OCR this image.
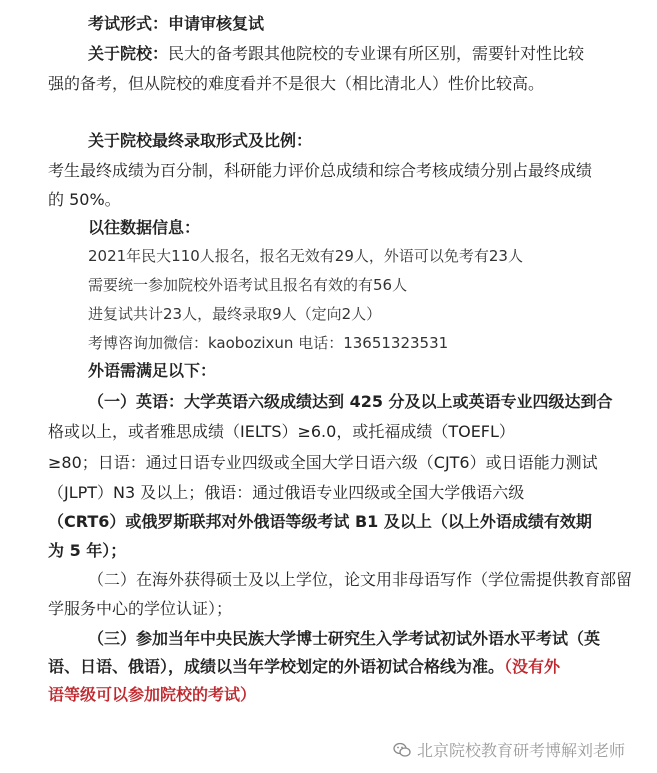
考试形式：申请审核复试
关于院校：民大的备考跟其他院校的专业课有所区别，需要针对性比较
强的备考，但从院校的难度看并不是很大（相比清北人）性价比较高。
关于院校最终录取形式及比例：
考生最终成绩为百分制，科研能力评价总成绩和综合考核成绩分别占最终成绩
的 50%。
以往数据信息：
2021年民大110人报名，报名无效有29人，外语可以免考有23人
需要统一参加院校外语考试且报名有效的有56人
进复试共计23人，最终录取9人（定向2人）
考博咨询加微信：kaobozixun 电话：13651323531
外语需满足以下：
（一）英语：大学英语六级成绩达到 425 分及以上或英语专业四级达到合
格或以上，或者雅思成绩（IELTS）≥6.0，或托福成绩（TOEFL）
≥80；日语：通过日语专业四级或全国大学日语六级（CJT6）或日语能力测试
（JLPT）N3 及以上；俄语：通过俄语专业四级或全国大学俄语六级
（CRT6）或俄罗斯联邦对外俄语等级考试 B1 及以上（以上外语成绩有效期
为 5 年）；
（二）在海外获得硕士及以上学位，论文用非母语写作（学位需提供教育部留
学服务中心的学位认证）；
（三）参加当年中央民族大学博士研究生入学考试初试外语水平考试（英
语、日语、俄语），成绩以当年学校划定的外语初试合格线为准。（没有外
语等级可以参加院校的考试）
北京院校教育研考博解刘老师
